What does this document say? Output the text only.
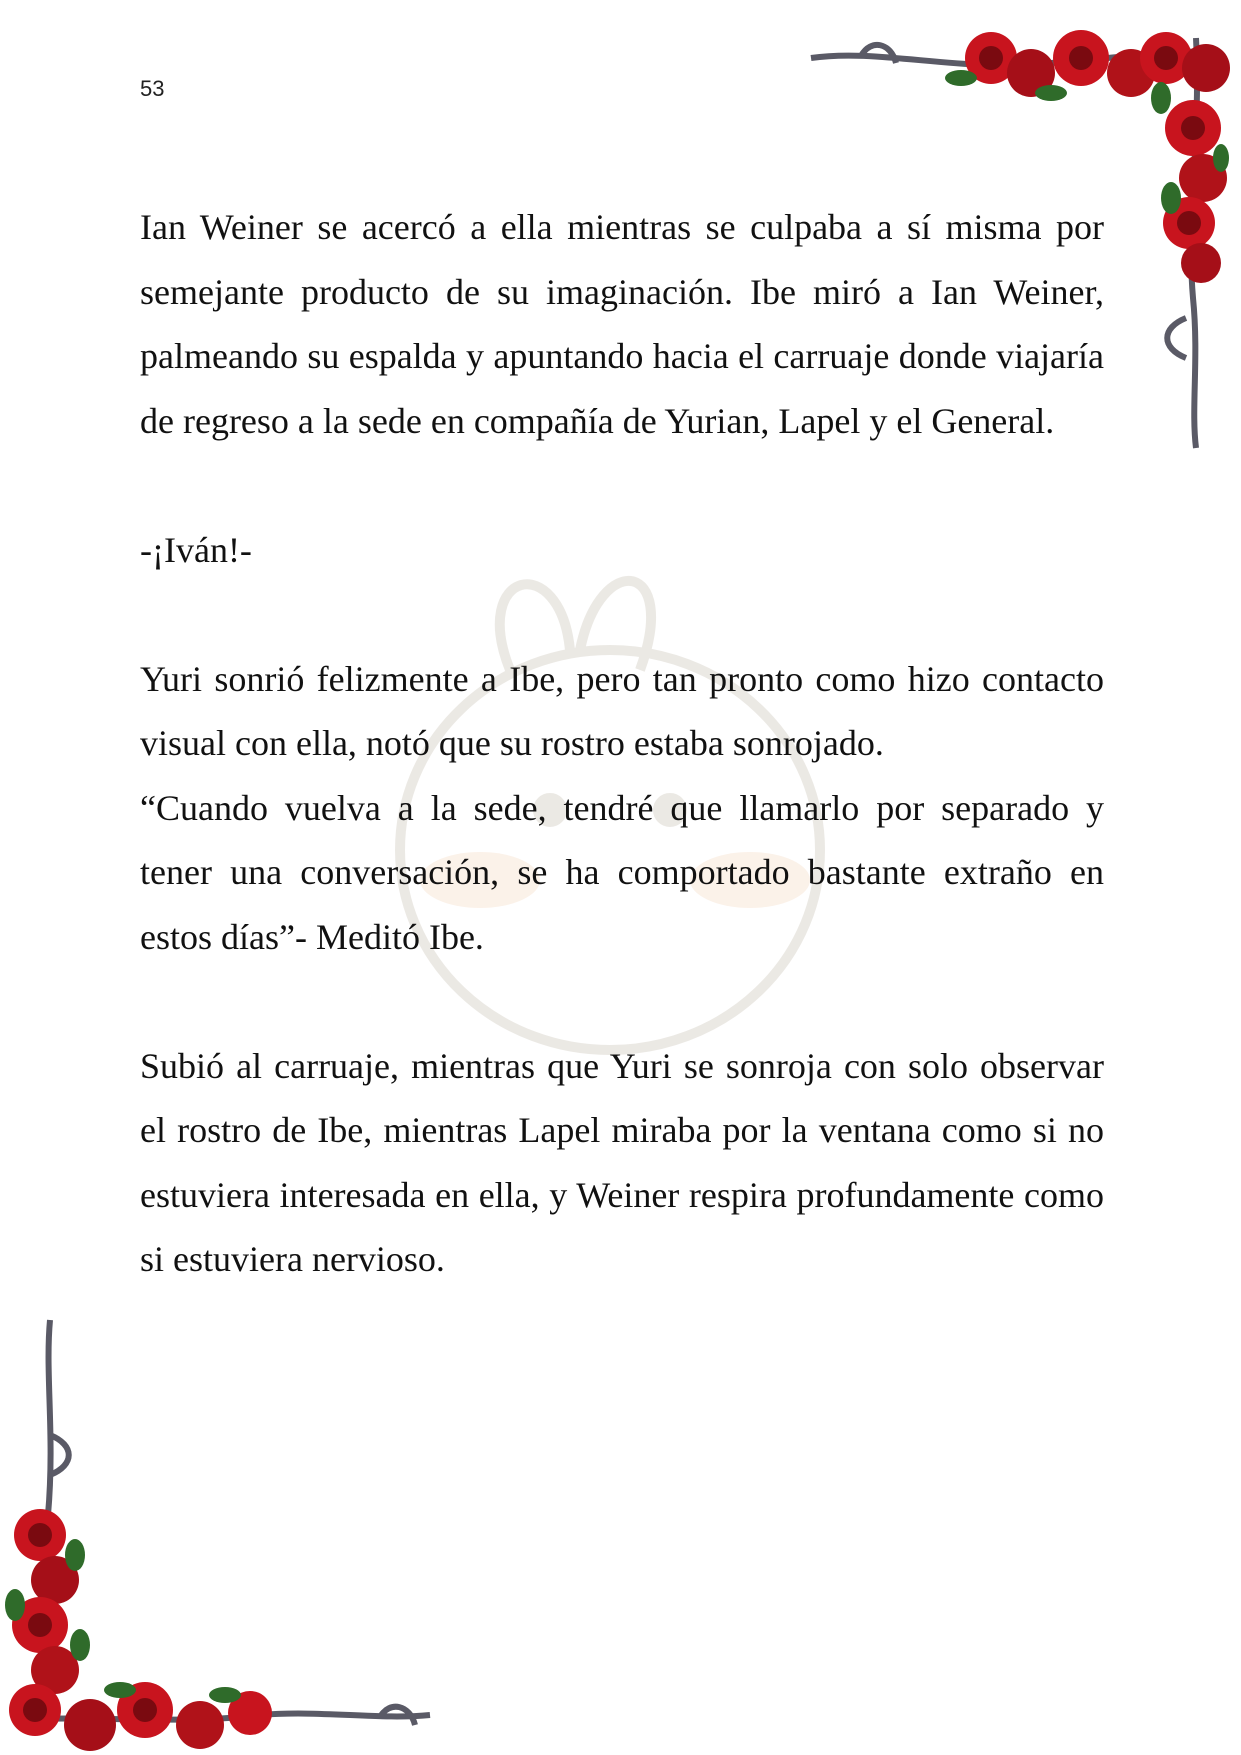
53

Ian Weiner se acercó a ella mientras se culpaba a sí misma por semejante producto de su imaginación. Ibe miró a Ian Weiner, palmeando su espalda y apuntando hacia el carruaje donde viajaría de regreso a la sede en compañía de Yurian, Lapel y el General.

-¡Iván!-

Yuri sonrió felizmente a Ibe, pero tan pronto como hizo contacto visual con ella, notó que su rostro estaba sonrojado.

“Cuando vuelva a la sede, tendré que llamarlo por separado y tener una conversación, se ha comportado bastante extraño en estos días”- Meditó Ibe.

Subió al carruaje, mientras que Yuri se sonroja con solo observar el rostro de Ibe, mientras Lapel miraba por la ventana como si no estuviera interesada en ella, y Weiner respira profundamente como si estuviera nervioso.
